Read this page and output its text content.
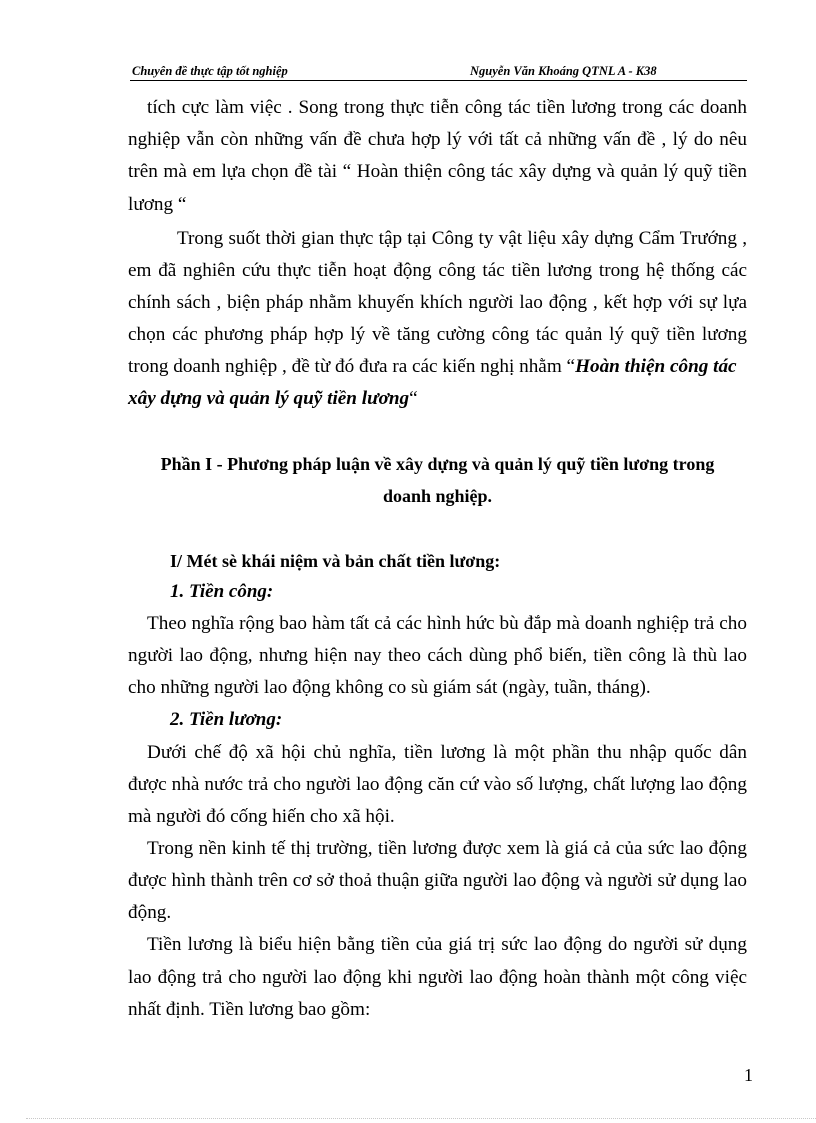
Chuyên đề thực tập tốt nghiệp	Nguyễn Văn Khoáng QTNL A - K38
tích cực làm việc . Song trong thực tiễn công tác tiền lương trong các doanh
nghiệp vẫn còn những vấn đề chưa hợp lý với tất cả những vấn đề , lý do nêu
trên mà em lựa chọn đề tài “ Hoàn thiện công tác xây dựng và quản lý quỹ tiền
lương “
Trong suốt thời gian thực tập tại Công ty vật liệu xây dựng Cẩm Trướng ,
em đã nghiên cứu thực tiễn hoạt động công tác tiền lương trong hệ thống các
chính sách , biện pháp nhằm khuyến khích người lao động , kết hợp với sự lựa
chọn các phương pháp hợp lý về tăng cường công tác quản lý quỹ tiền lương
trong doanh nghiệp , đề từ đó đưa ra các kiến nghị nhằm “Hoàn thiện công tác
xây dựng và quản lý quỹ tiền lương“
Phần I - Phương pháp luận về xây dựng và quản lý quỹ tiền lương trong
doanh nghiệp.
I/ Mét sè khái niệm và bản chất tiền lương:
1. Tiền công:
Theo nghĩa rộng bao hàm tất cả các hình hức bù đắp mà doanh nghiệp trả cho
người lao động, nhưng hiện nay theo cách dùng phổ biến, tiền công là thù lao
cho những người lao động không co sù giám sát (ngày, tuần, tháng).
2. Tiền lương:
Dưới chế độ xã hội chủ nghĩa, tiền lương là một phần thu nhập quốc dân
được nhà nước trả cho người lao động căn cứ vào số lượng, chất lượng lao động
mà người đó cống hiến cho xã hội.
Trong nền kinh tế thị trường, tiền lương được xem là giá cả của sức lao động
được hình thành trên cơ sở thoả thuận giữa người lao động và người sử dụng lao
động.
Tiền lương là biểu hiện bằng tiền của giá trị sức lao động do người sử dụng
lao động trả cho người lao động khi người lao động hoàn thành một công việc
nhất định. Tiền lương bao gồm:
1
